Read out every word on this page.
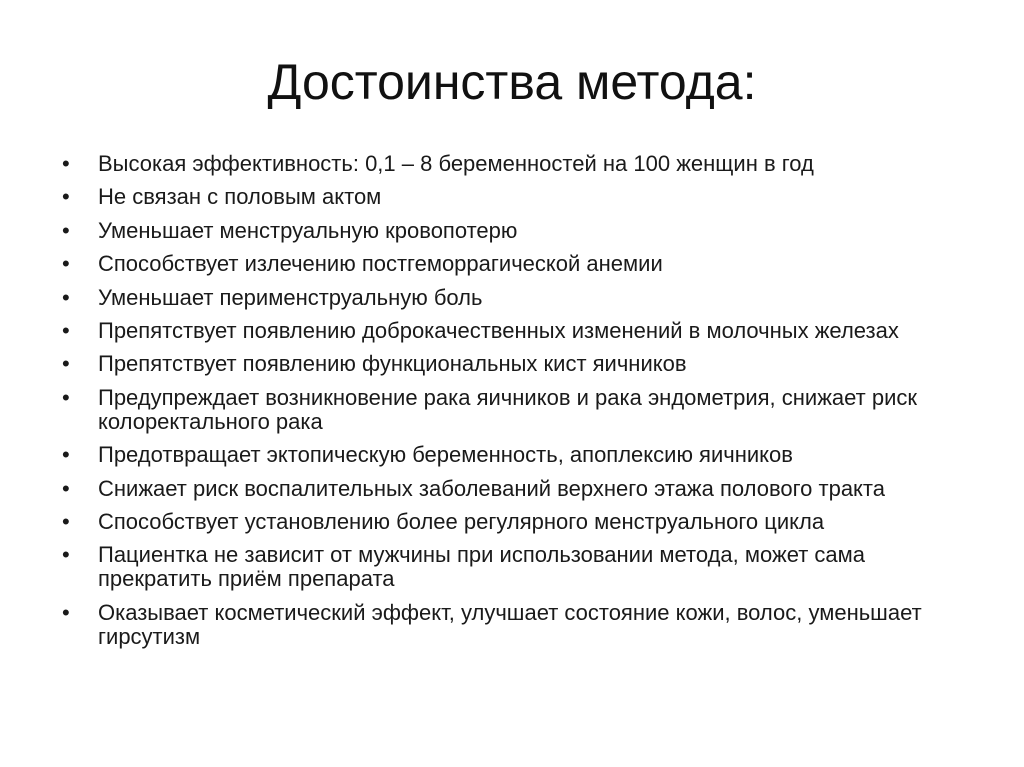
Достоинства метода:
•	Высокая эффективность: 0,1 – 8 беременностей на 100 женщин в год
•	Не связан с половым актом
•	Уменьшает менструальную кровопотерю
•	Способствует излечению постгеморрагической анемии
•	Уменьшает перименструальную боль
•	Препятствует появлению доброкачественных изменений в молочных железах
•	Препятствует появлению функциональных кист яичников
•	Предупреждает возникновение рака яичников и рака эндометрия, снижает риск колоректального рака
•	Предотвращает эктопическую беременность, апоплексию яичников
•	Снижает риск воспалительных заболеваний верхнего этажа полового тракта
•	Способствует установлению более регулярного менструального цикла
•	Пациентка не зависит от мужчины при использовании метода, может сама прекратить приём препарата
•	Оказывает косметический эффект, улучшает состояние кожи, волос, уменьшает гирсутизм
